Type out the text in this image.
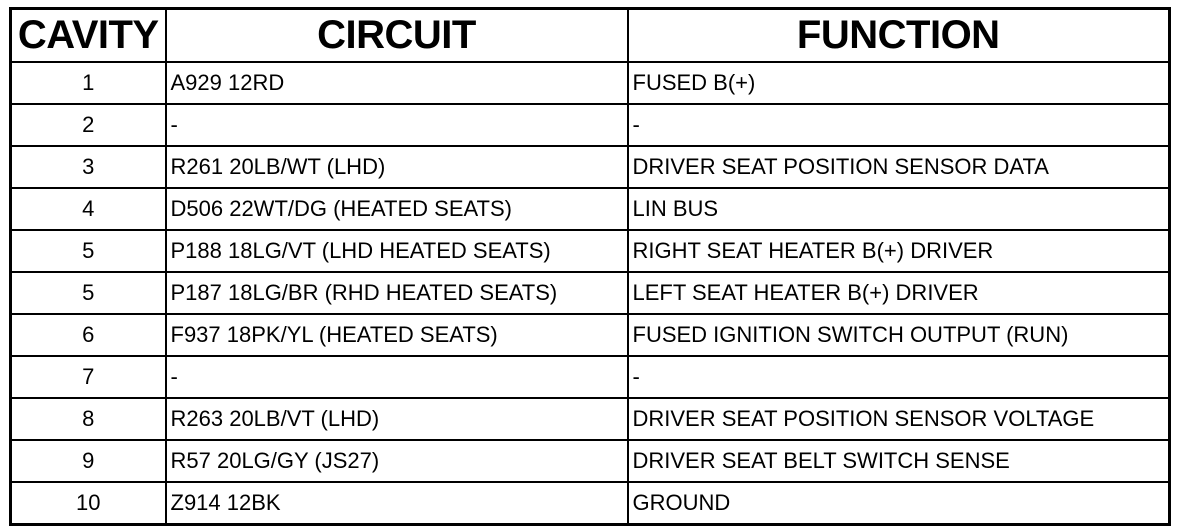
CAVITY	CIRCUIT	FUNCTION
1	A929 12RD	FUSED B(+)
2	-	-
3	R261 20LB/WT (LHD)	DRIVER SEAT POSITION SENSOR DATA
4	D506 22WT/DG (HEATED SEATS)	LIN BUS
5	P188 18LG/VT (LHD HEATED SEATS)	RIGHT SEAT HEATER B(+) DRIVER
5	P187 18LG/BR (RHD HEATED SEATS)	LEFT SEAT HEATER B(+) DRIVER
6	F937 18PK/YL (HEATED SEATS)	FUSED IGNITION SWITCH OUTPUT (RUN)
7	-	-
8	R263 20LB/VT (LHD)	DRIVER SEAT POSITION SENSOR VOLTAGE
9	R57 20LG/GY (JS27)	DRIVER SEAT BELT SWITCH SENSE
10	Z914 12BK	GROUND
